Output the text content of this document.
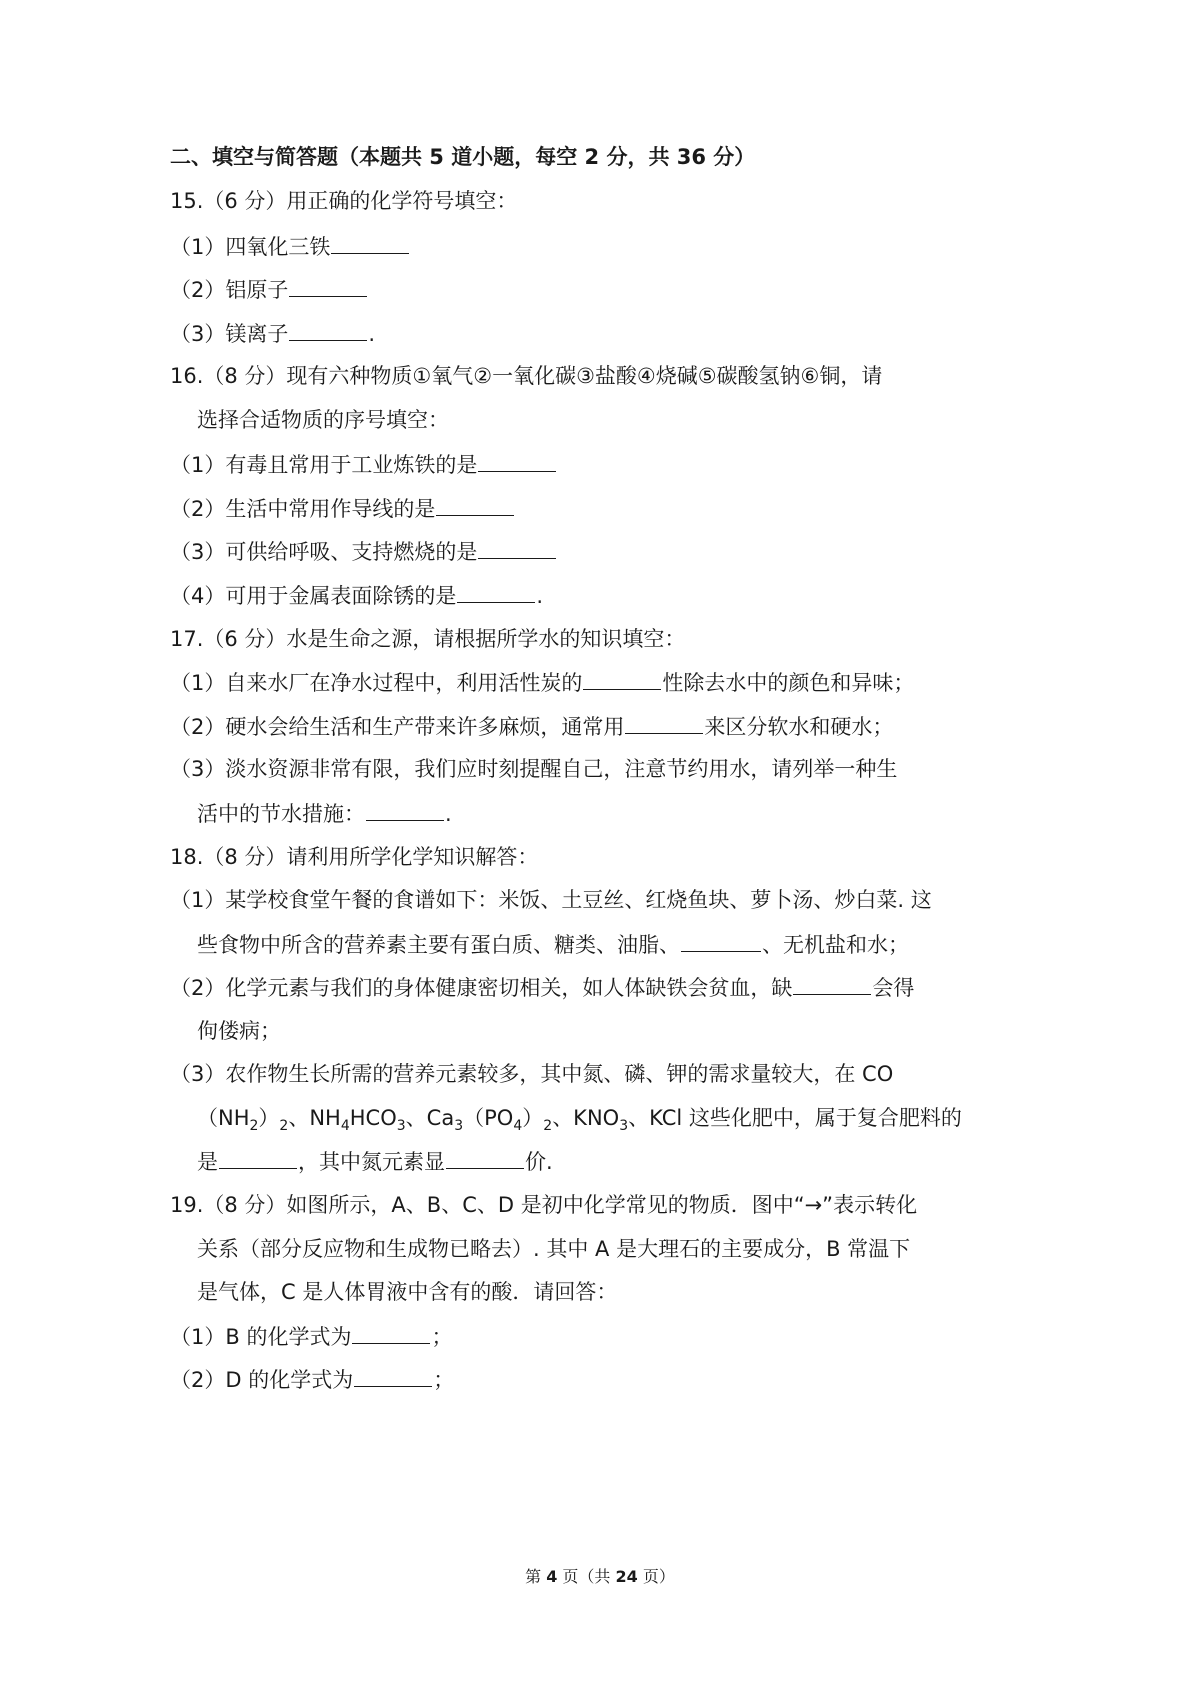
二、填空与简答题（本题共 5 道小题，每空 2 分，共 36 分）
15.（6 分）用正确的化学符号填空：
（1）四氧化三铁
（2）铝原子
（3）镁离子	.
16.（8 分）现有六种物质①氧气②一氧化碳③盐酸④烧碱⑤碳酸氢钠⑥铜，请
选择合适物质的序号填空：
（1）有毒且常用于工业炼铁的是
（2）生活中常用作导线的是
（3）可供给呼吸、支持燃烧的是
（4）可用于金属表面除锈的是	.
17.（6 分）水是生命之源，请根据所学水的知识填空：
（1）自来水厂在净水过程中，利用活性炭的	性除去水中的颜色和异味；
（2）硬水会给生活和生产带来许多麻烦，通常用	来区分软水和硬水；
（3）淡水资源非常有限，我们应时刻提醒自己，注意节约用水，请列举一种生
活中的节水措施：	.
18.（8 分）请利用所学化学知识解答：
（1）某学校食堂午餐的食谱如下：米饭、土豆丝、红烧鱼块、萝卜汤、炒白菜. 这
些食物中所含的营养素主要有蛋白质、糖类、油脂、	、无机盐和水；
（2）化学元素与我们的身体健康密切相关，如人体缺铁会贫血，缺	会得
佝偻病；
（3）农作物生长所需的营养元素较多，其中氮、磷、钾的需求量较大，在 CO
$(NH_2)_2$、$NH_4HCO_3$、$Ca_3(PO_4)_2$、$KNO_3$、KCl 这些化肥中，属于复合肥料的
是	，其中氮元素显	价.
19.（8 分）如图所示，A、B、C、D 是初中化学常见的物质．图中“→”表示转化
关系（部分反应物和生成物已略去）. 其中 A 是大理石的主要成分，B 常温下
是气体，C 是人体胃液中含有的酸．请回答：
（1）B 的化学式为	；
（2）D 的化学式为	；
第 4 页（共 24 页）
